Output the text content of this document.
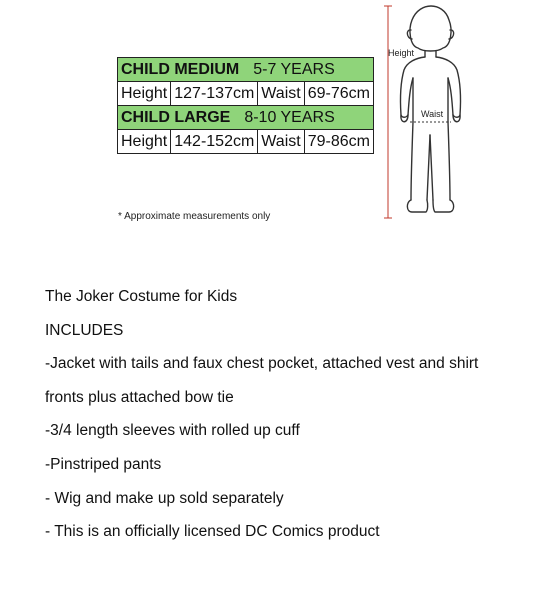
CHILD MEDIUM 5-7 YEARS			
Height	127-137cm	Waist	69-76cm
CHILD LARGE 8-10 YEARS			
Height	142-152cm	Waist	79-86cm
* Approximate measurements only
Height
Waist

The Joker Costume for Kids

INCLUDES

-Jacket with tails and faux chest pocket, attached vest and shirt

fronts plus attached bow tie

-3/4 length sleeves with rolled up cuff

-Pinstriped pants

- Wig and make up sold separately

- This is an officially licensed DC Comics product
